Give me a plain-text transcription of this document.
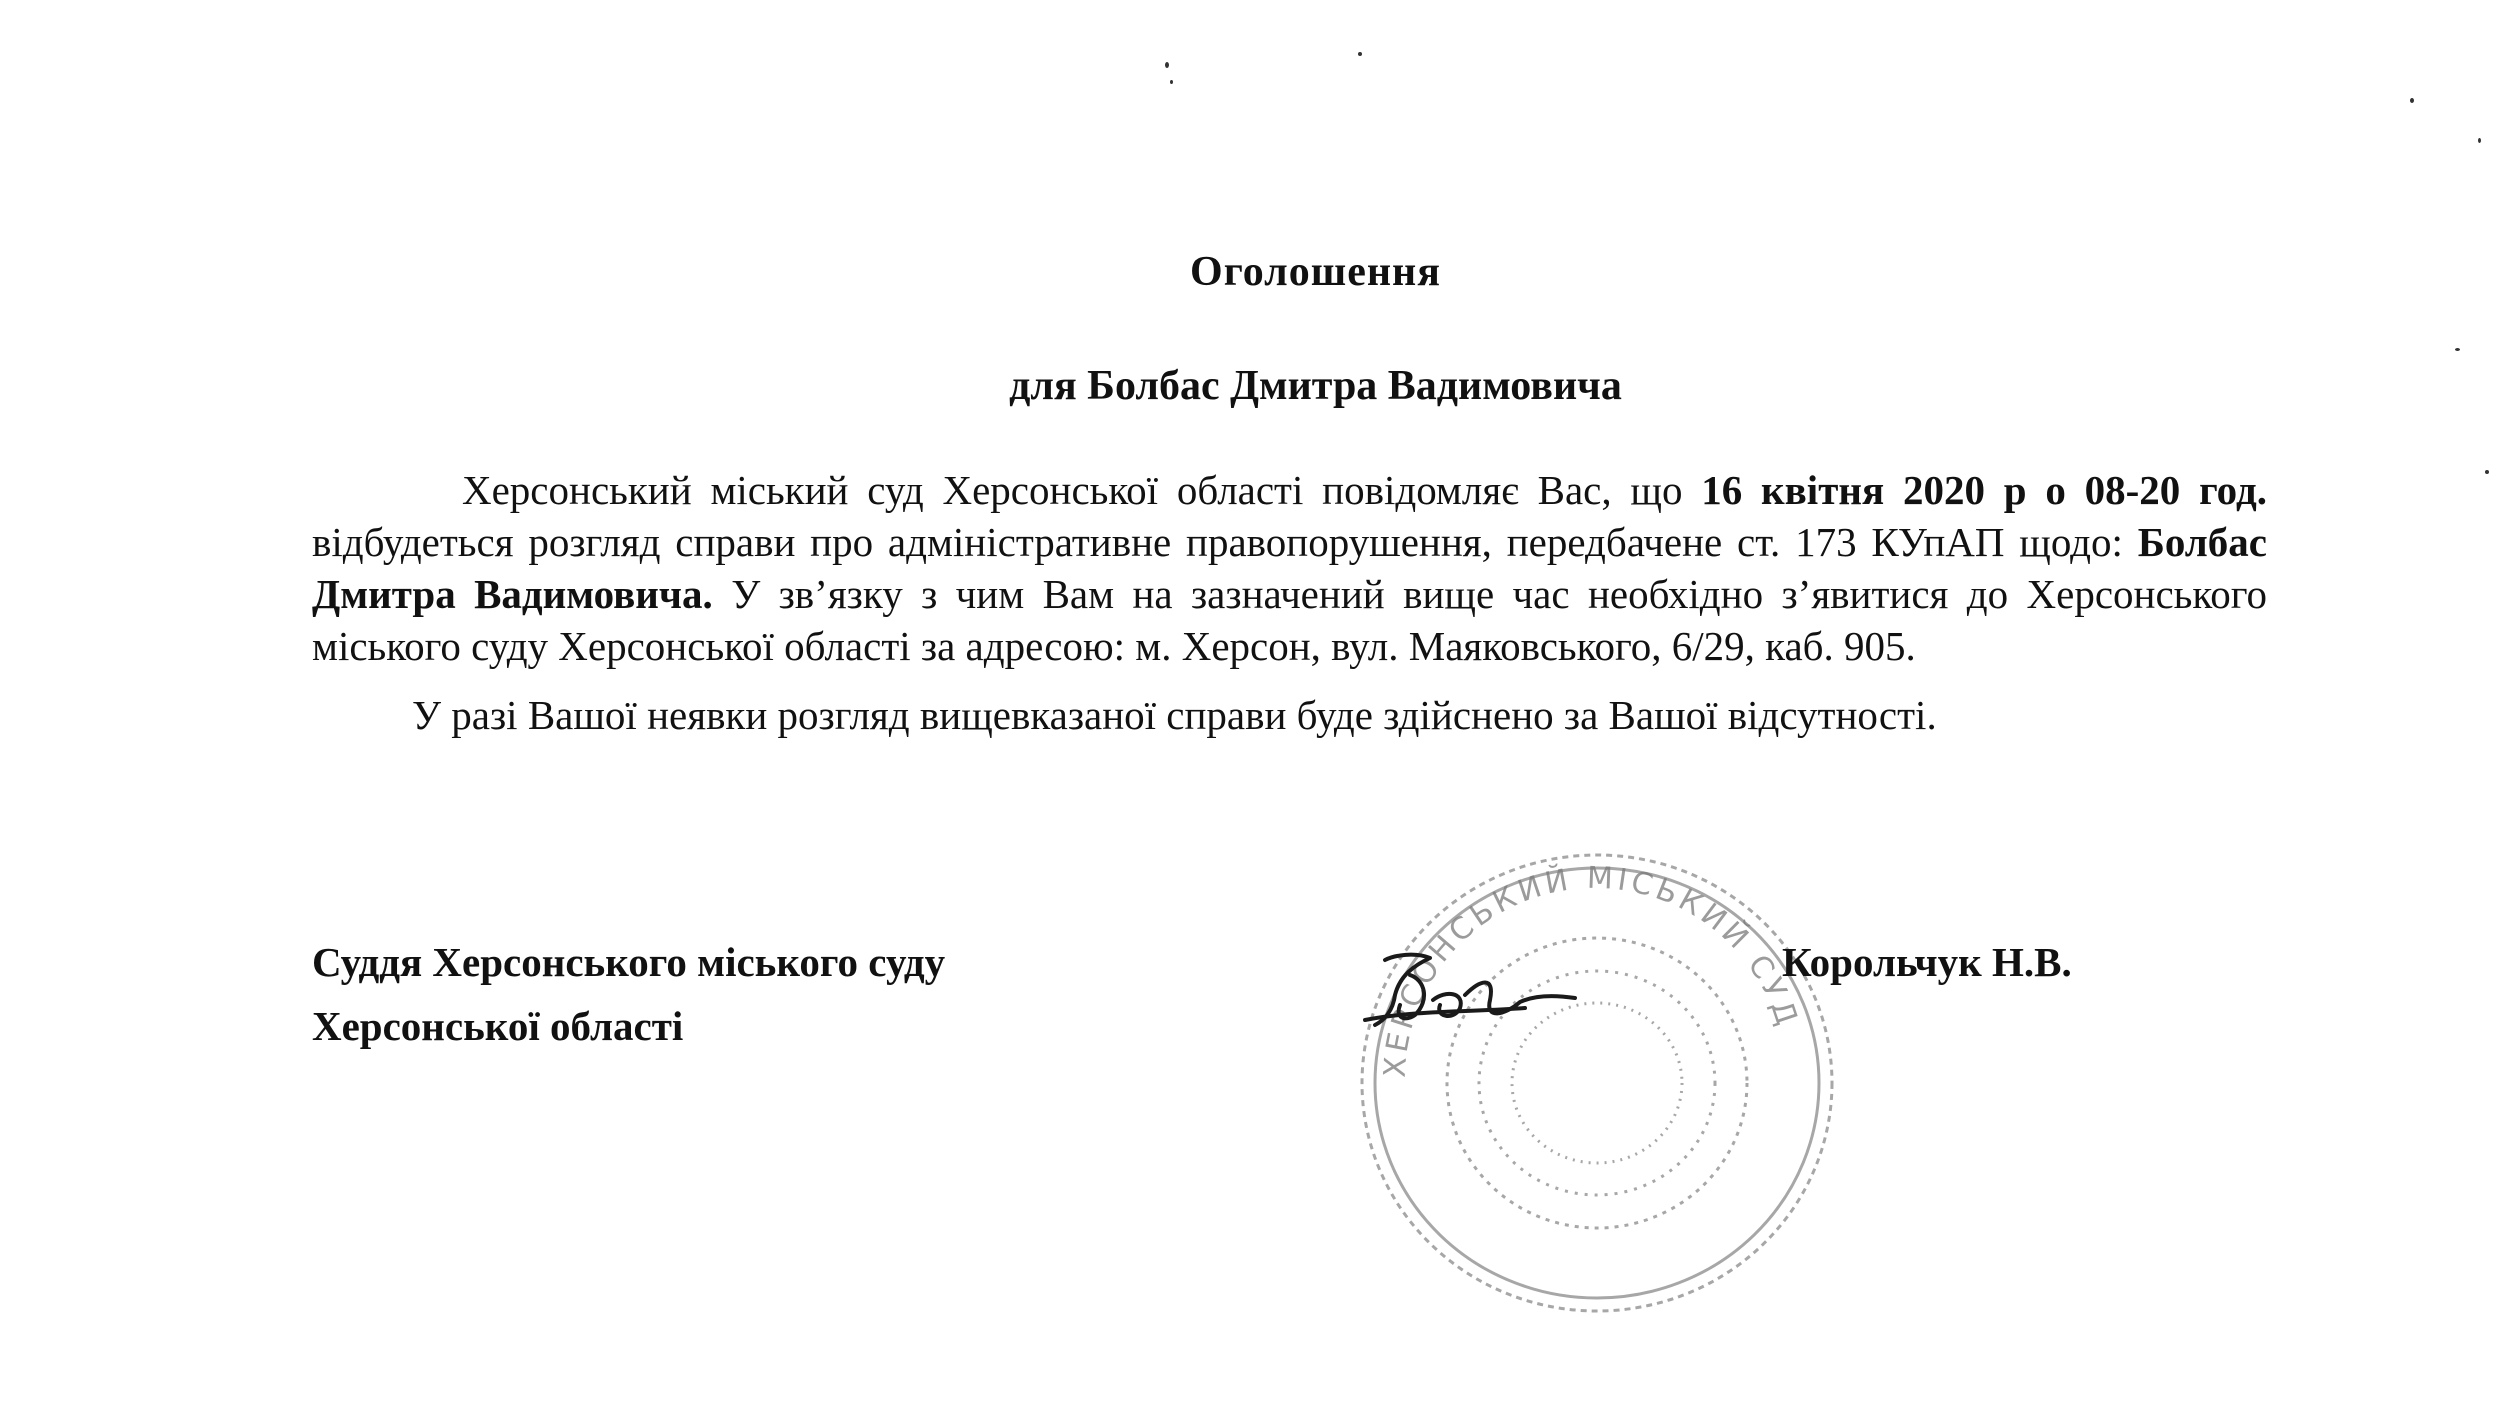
Оголошення
для Болбас Дмитра Вадимовича

Херсонський міський суд Херсонської області повідомляє Вас, що 16 квітня 2020 р о 08-20 год. відбудеться розгляд справи про адміністративне правопорушення, передбачене ст. 173 КУпАП щодо: Болбас Дмитра Вадимовича. У зв’язку з чим Вам на зазначений вище час необхідно з’явитися до Херсонського міського суду Херсонської області за адресою: м. Херсон, вул. Маяковського, 6/29, каб. 905.

У разі Вашої неявки розгляд вищевказаної справи буде здійснено за Вашої відсутності.

Суддя Херсонського міського суду
Херсонської області
ХЕРСОНСЬКИЙ МІСЬКИЙ СУД
Корольчук Н.В.
